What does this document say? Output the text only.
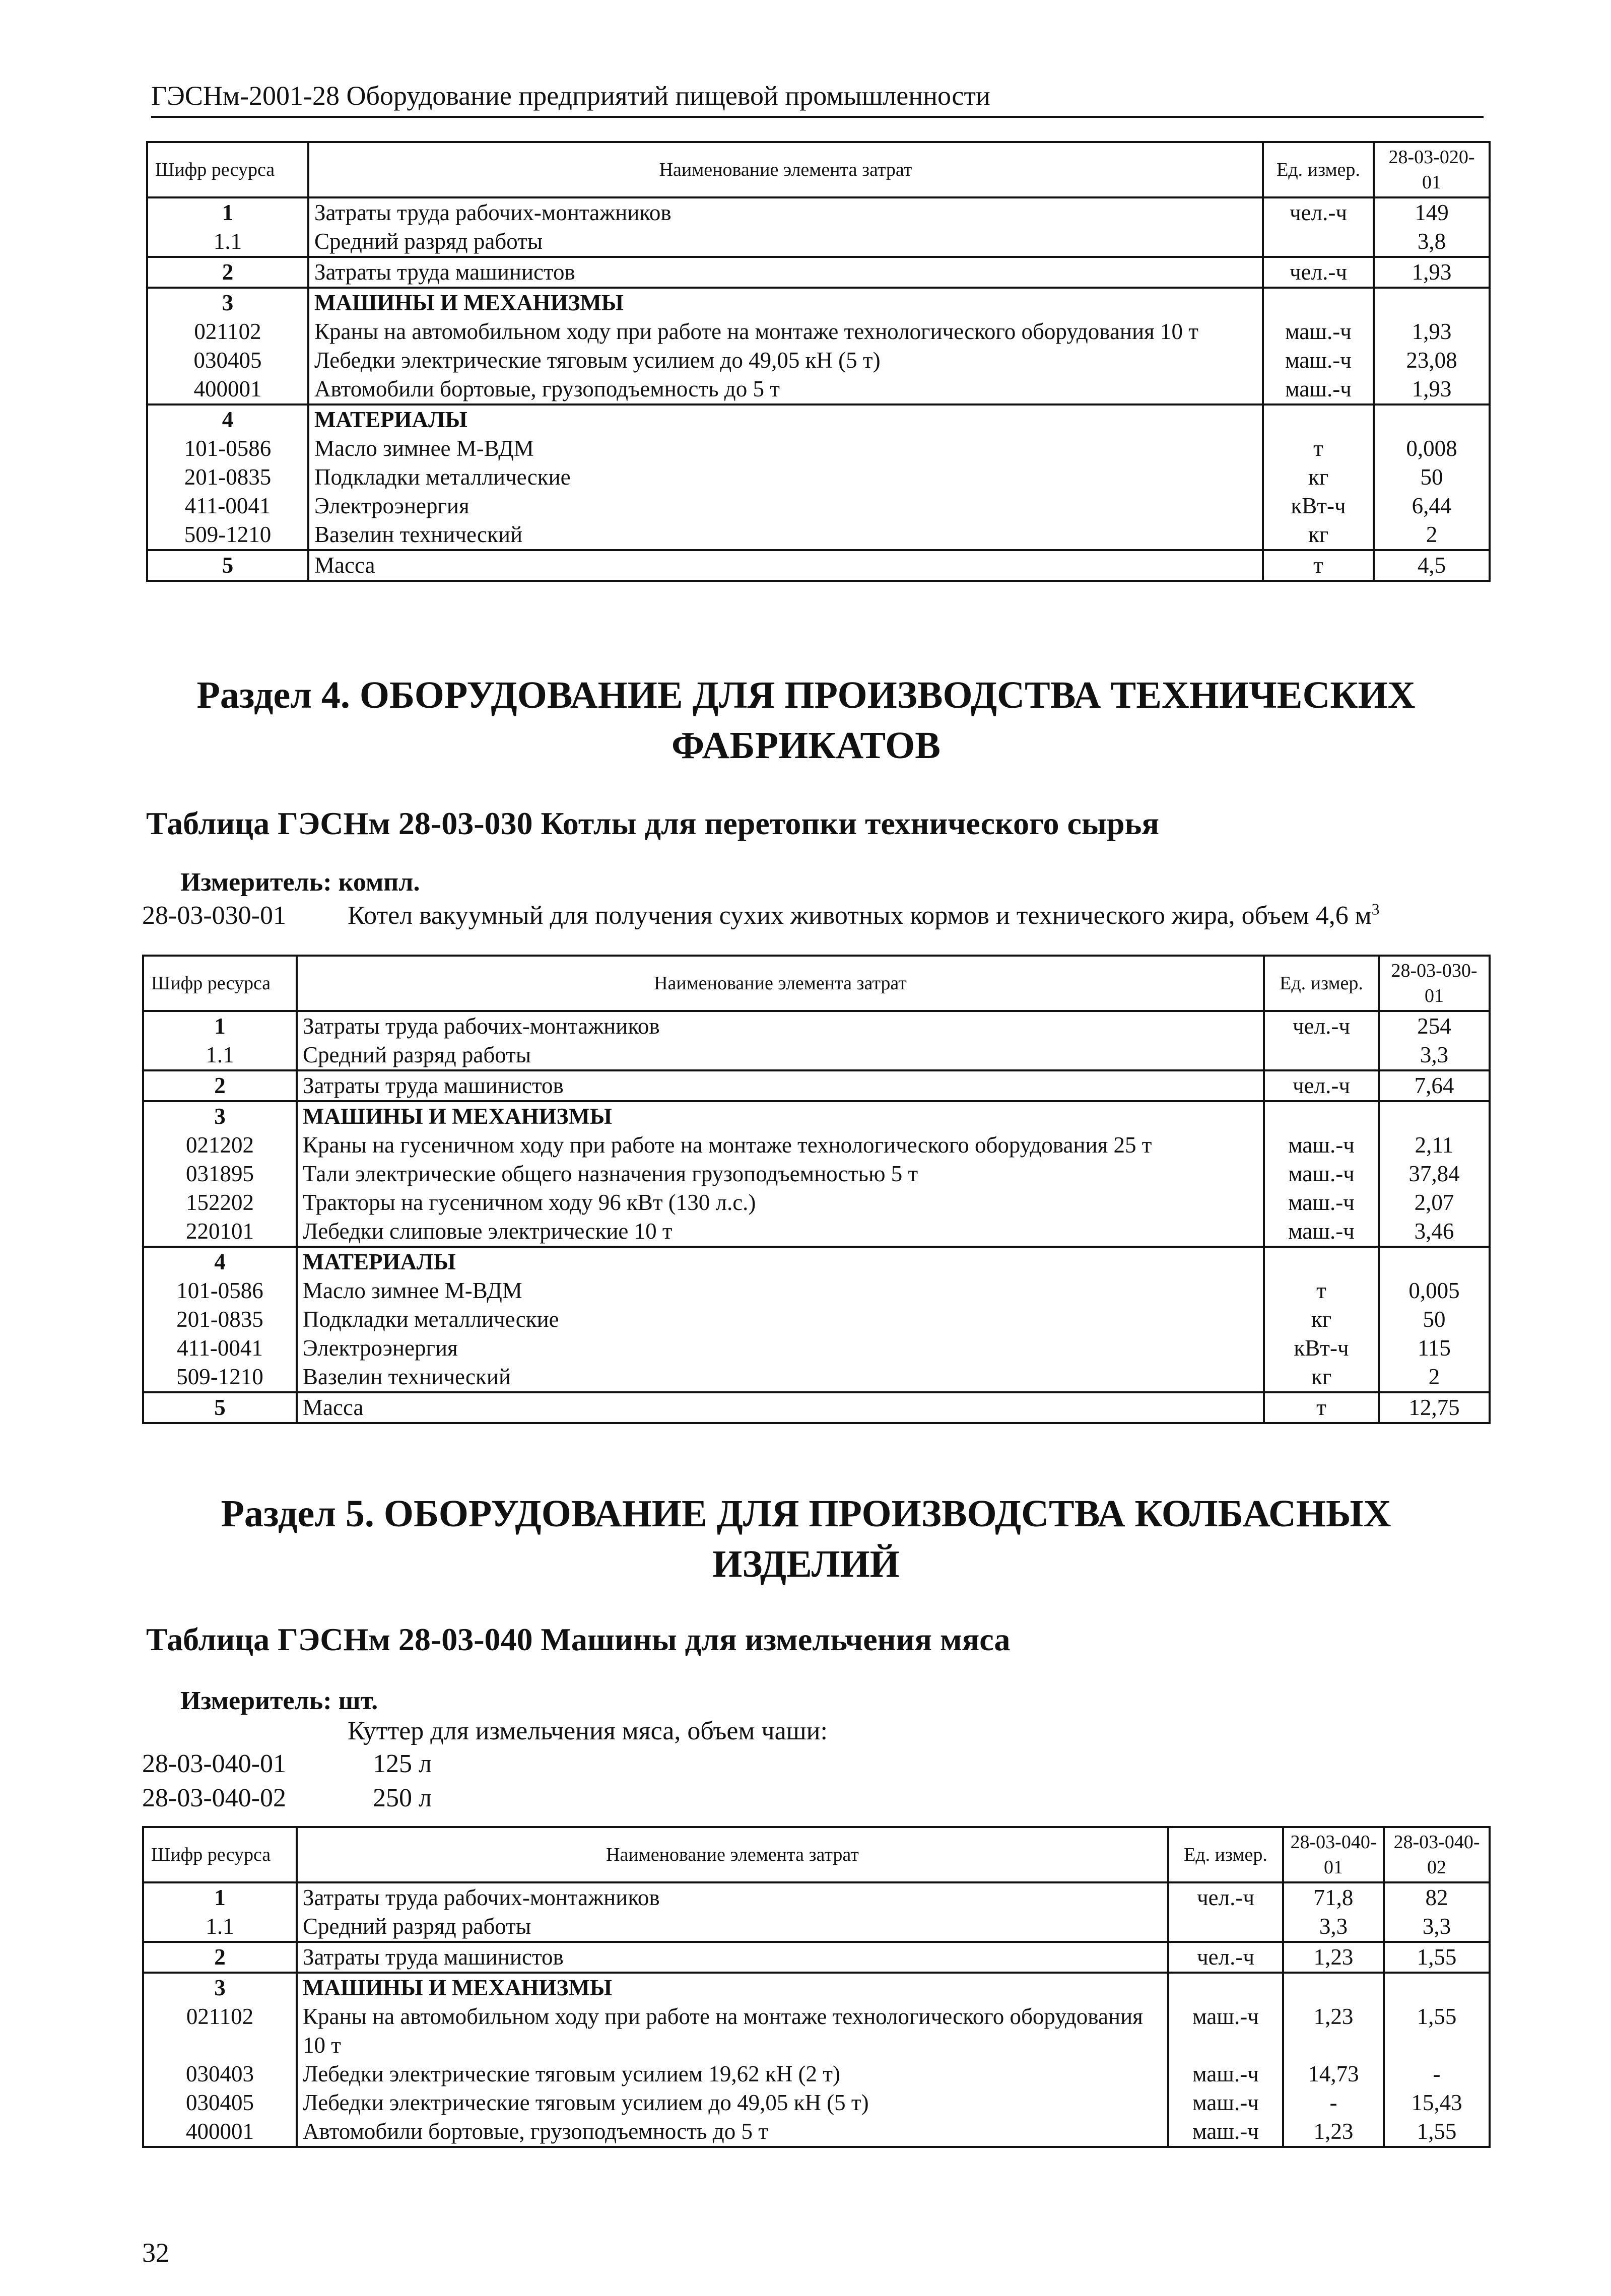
ГЭСНм-2001-28 Оборудование предприятий пищевой промышленности
Шифр ресурса	Наименование элемента затрат	Ед. измер.	28-03-020-01
1	Затраты труда рабочих-монтажников	чел.-ч	149
1.1	Средний разряд работы		3,8
2	Затраты труда машинистов	чел.-ч	1,93
3	МАШИНЫ И МЕХАНИЗМЫ		
021102	Краны на автомобильном ходу при работе на монтаже технологического оборудования 10 т	маш.-ч	1,93
030405	Лебедки электрические тяговым усилием до 49,05 кН (5 т)	маш.-ч	23,08
400001	Автомобили бортовые, грузоподъемность до 5 т	маш.-ч	1,93
4	МАТЕРИАЛЫ		
101-0586	Масло зимнее М-ВДМ	т	0,008
201-0835	Подкладки металлические	кг	50
411-0041	Электроэнергия	кВт-ч	6,44
509-1210	Вазелин технический	кг	2
5	Масса	т	4,5
Раздел 4. ОБОРУДОВАНИЕ ДЛЯ ПРОИЗВОДСТВА ТЕХНИЧЕСКИХ ФАБРИКАТОВ
Таблица ГЭСНм 28-03-030 Котлы для перетопки технического сырья
Измеритель: компл.
28-03-030-01 Котел вакуумный для получения сухих животных кормов и технического жира, объем 4,6 $м^3$
Шифр ресурса	Наименование элемента затрат	Ед. измер.	28-03-030-01
1	Затраты труда рабочих-монтажников	чел.-ч	254
1.1	Средний разряд работы		3,3
2	Затраты труда машинистов	чел.-ч	7,64
3	МАШИНЫ И МЕХАНИЗМЫ		
021202	Краны на гусеничном ходу при работе на монтаже технологического оборудования 25 т	маш.-ч	2,11
031895	Тали электрические общего назначения грузоподъемностью 5 т	маш.-ч	37,84
152202	Тракторы на гусеничном ходу 96 кВт (130 л.с.)	маш.-ч	2,07
220101	Лебедки слиповые электрические 10 т	маш.-ч	3,46
4	МАТЕРИАЛЫ		
101-0586	Масло зимнее М-ВДМ	т	0,005
201-0835	Подкладки металлические	кг	50
411-0041	Электроэнергия	кВт-ч	115
509-1210	Вазелин технический	кг	2
5	Масса	т	12,75
Раздел 5. ОБОРУДОВАНИЕ ДЛЯ ПРОИЗВОДСТВА КОЛБАСНЫХ ИЗДЕЛИЙ
Таблица ГЭСНм 28-03-040 Машины для измельчения мяса
Измеритель: шт.
Куттер для измельчения мяса, объем чаши:
28-03-040-01	125 л
28-03-040-02	250 л
Шифр ресурса	Наименование элемента затрат	Ед. измер.	28-03-040-01	28-03-040-02
1	Затраты труда рабочих-монтажников	чел.-ч	71,8	82
1.1	Средний разряд работы		3,3	3,3
2	Затраты труда машинистов	чел.-ч	1,23	1,55
3	МАШИНЫ И МЕХАНИЗМЫ			
021102	Краны на автомобильном ходу при работе на монтаже технологического оборудования 10 т	маш.-ч	1,23	1,55
030403	Лебедки электрические тяговым усилием 19,62 кН (2 т)	маш.-ч	14,73	-
030405	Лебедки электрические тяговым усилием до 49,05 кН (5 т)	маш.-ч	-	15,43
400001	Автомобили бортовые, грузоподъемность до 5 т	маш.-ч	1,23	1,55
32
